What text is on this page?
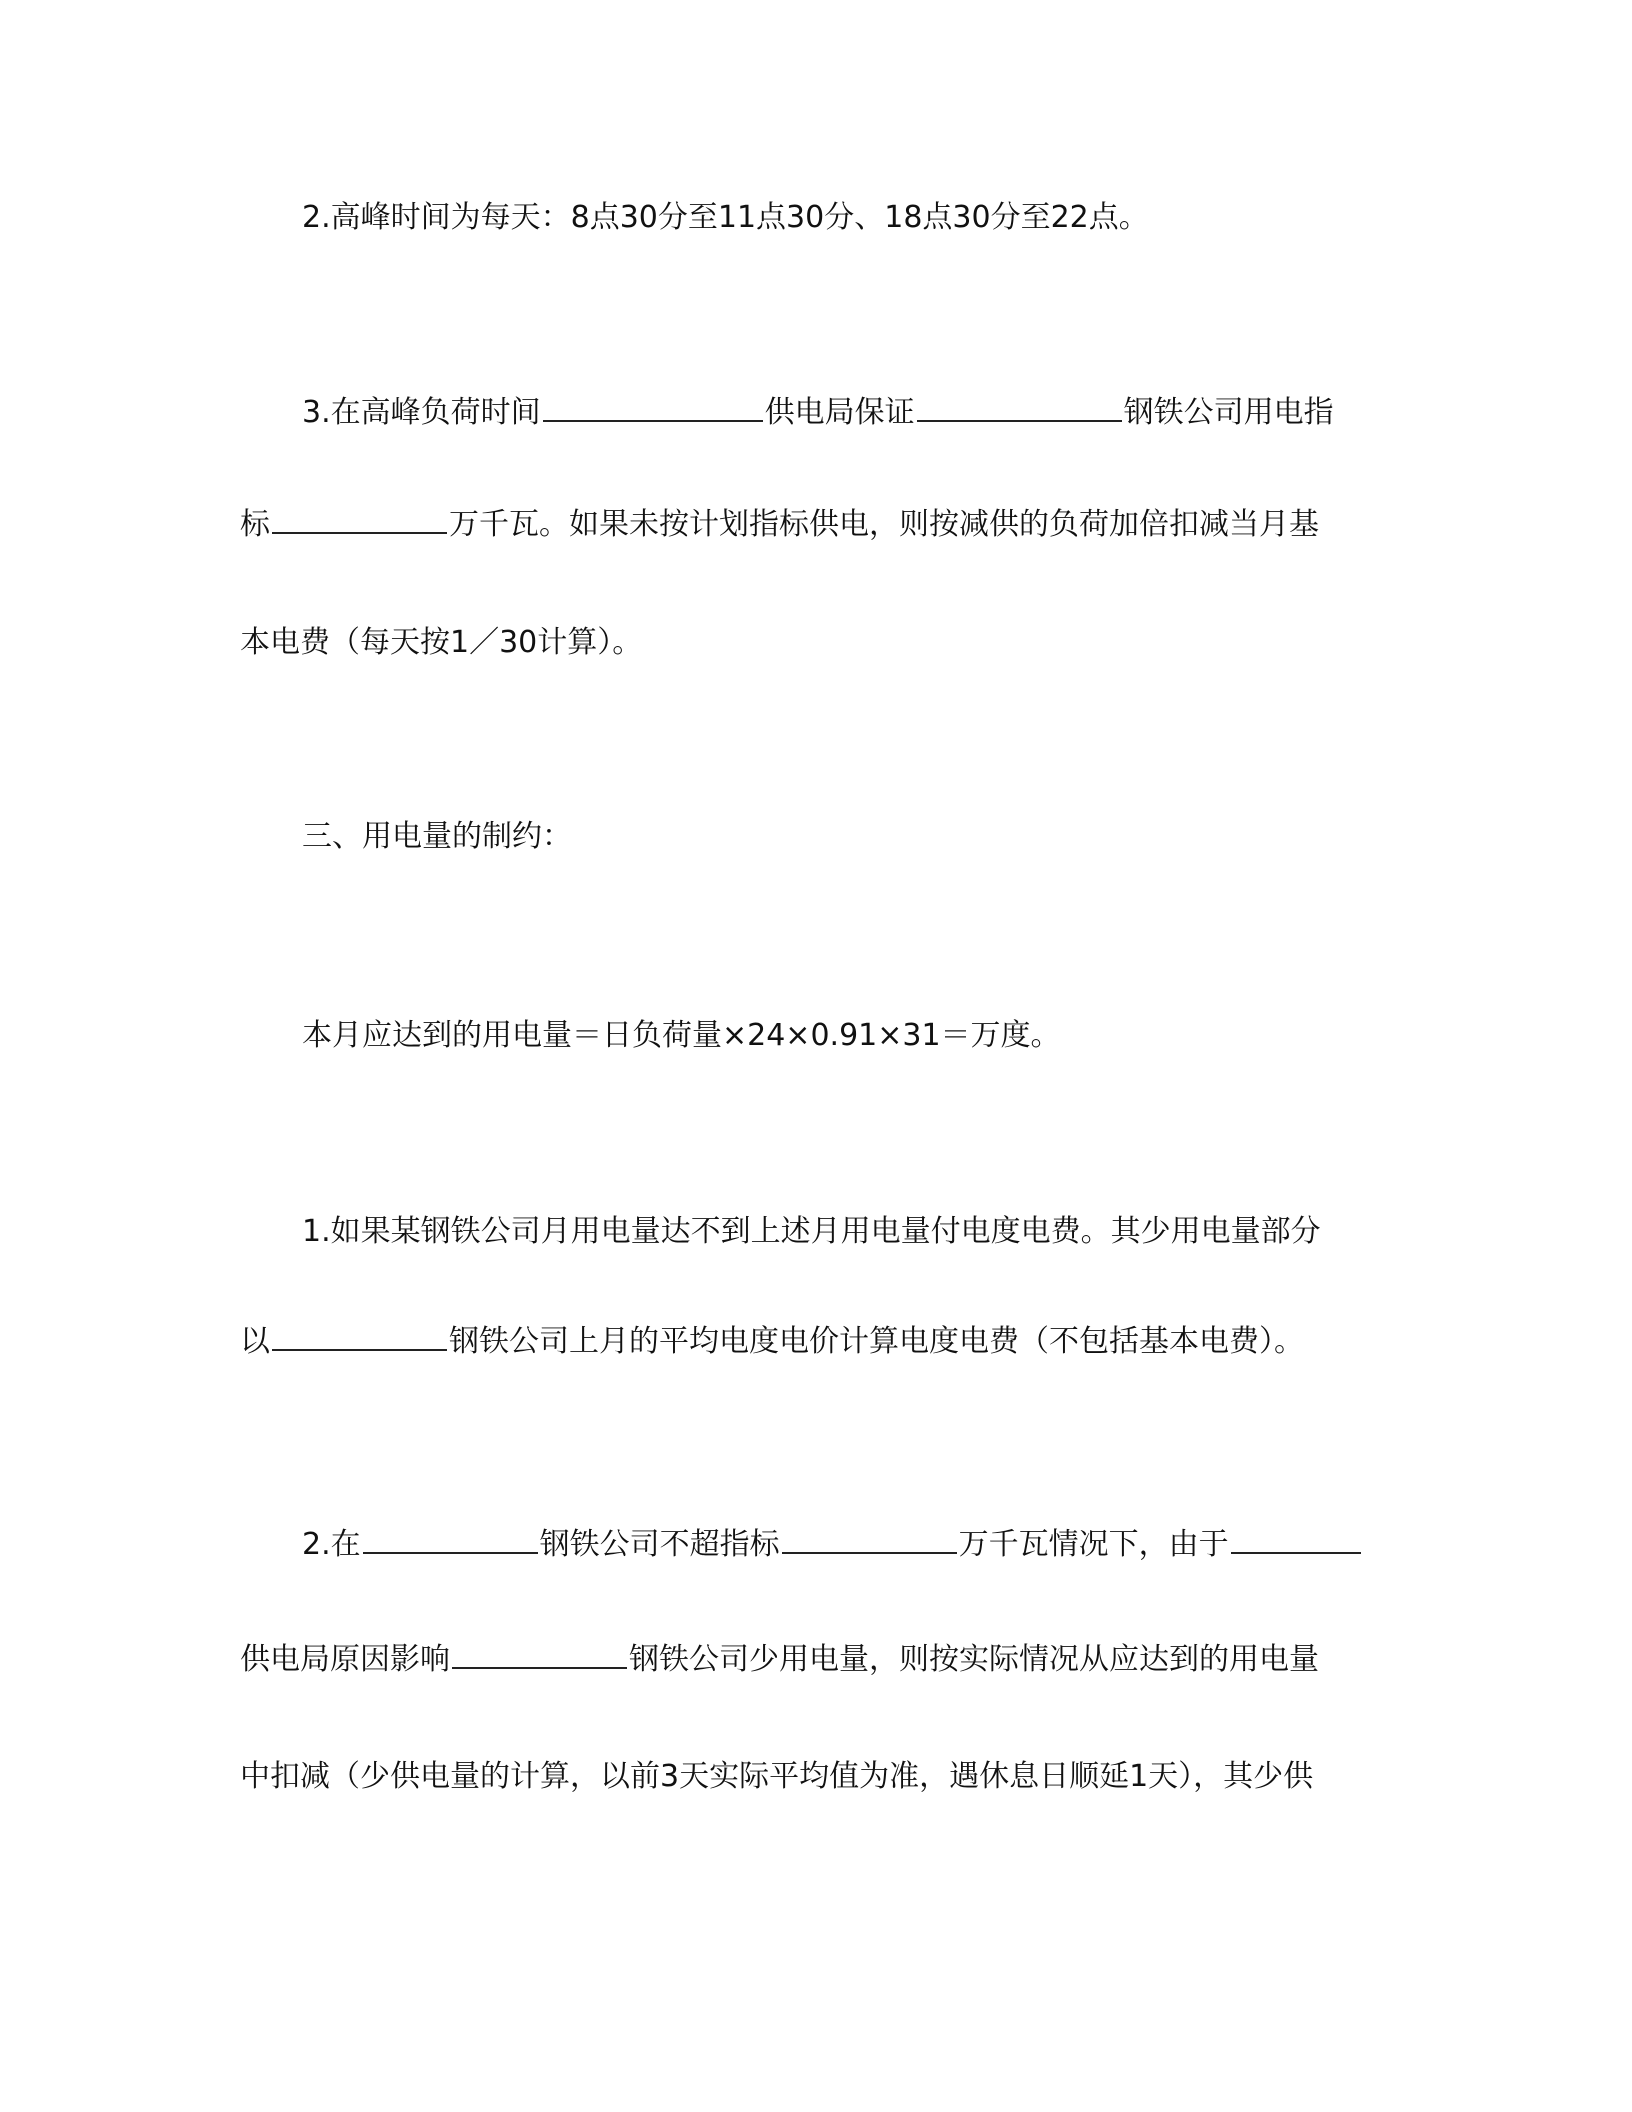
2.高峰时间为每天：8点30分至11点30分、18点30分至22点。
3.在高峰负荷时间	供电局保证	钢铁公司用电指
标	万千瓦。如果未按计划指标供电，则按减供的负荷加倍扣减当月基
本电费（每天按1／30计算）。
三、用电量的制约：
本月应达到的用电量＝日负荷量×24×0.91×31＝万度。
1.如果某钢铁公司月用电量达不到上述月用电量付电度电费。其少用电量部分
以	钢铁公司上月的平均电度电价计算电度电费（不包括基本电费）。
2.在	钢铁公司不超指标	万千瓦情况下，由于
供电局原因影响	钢铁公司少用电量，则按实际情况从应达到的用电量
中扣减（少供电量的计算，以前3天实际平均值为准，遇休息日顺延1天），其少供
